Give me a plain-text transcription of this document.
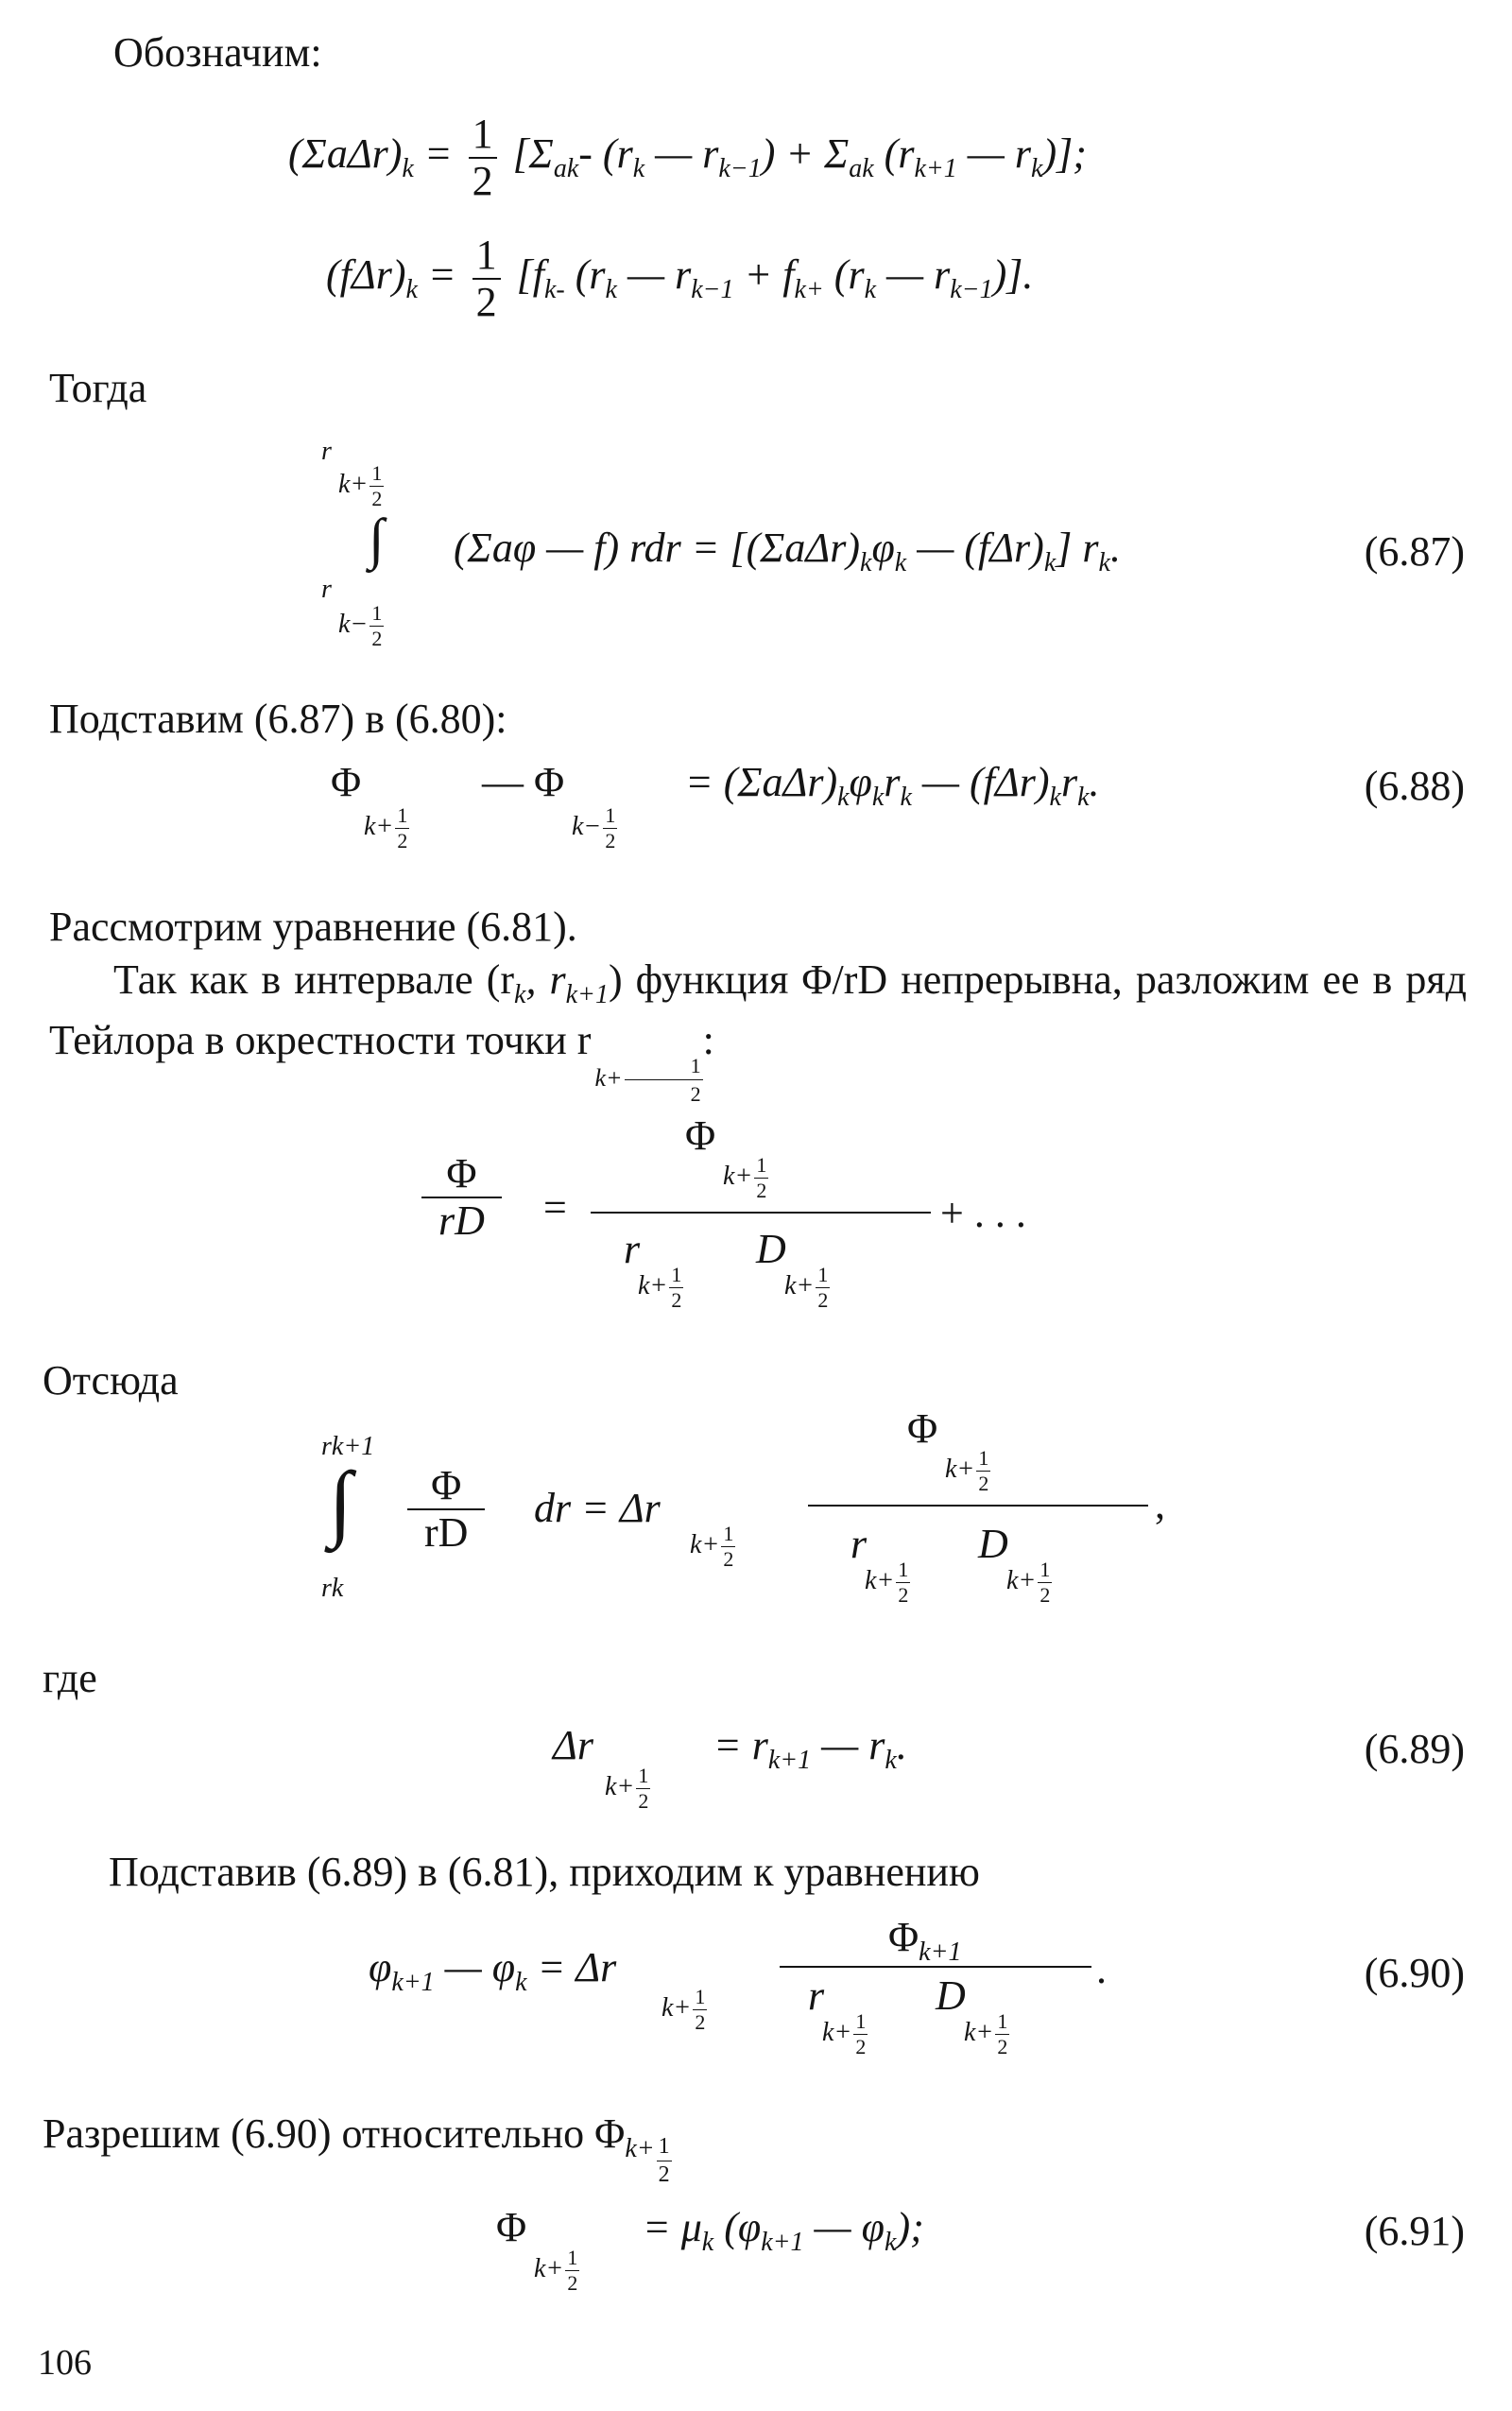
Обозначим:
$(\Sigma a\Delta r)_k = \frac{1}{2} [\Sigma_{ak}-$ ($r_k$ — $r_{k-1}) + \Sigma_{ak}$ ($r_{k+1}$ — $r_k$)];
$(f\Delta r)_k = \frac{1}{2} [f_{k-}$ ($r_k$ — $r_{k-1} + f_{k+}$ ($r_k$ — $r_{k-1}$)].
Тогда
r
$k+ \frac{1}{2}$
∫
r
$k- \frac{1}{2}$
(Σaφ — f) rdr = [$(\Sigma a\Delta r)_k\varphi_k$ — $(f\Delta r)_k$] $r_k$.	(6.87)
Подставим (6.87) в (6.80):
Φ
$k+ \frac{1}{2}$
— Φ
$k- \frac{1}{2}$
= $(\Sigma a\Delta r)_k\varphi_kr_k$ — $(f\Delta r)_kr_k$.	(6.88)
Рассмотрим уравнение (6.81).
Так как в интервале ($r_k$, $r_{k+1}$) функция Φ/rD непрерывна, разложим ее в ряд Тейлора в окрестности точки $r_{k+ \frac{1}{2}}$
:
$\frac{\Phi}{rD}$ =
Φ
$k+ \frac{1}{2}$
r	D
$k+ \frac{1}{2}$	$k+ \frac{1}{2}$
+ . . .
Отсюда
rk+1
∫
rk
$\frac{\Phi}{rD}$ dr = Δr
$k+ \frac{1}{2}$
Φ
$k+ \frac{1}{2}$
r	D
$k+ \frac{1}{2}$	$k+ \frac{1}{2}$
,
где
Δr
$k+ \frac{1}{2}$
= $r_{k+1}$ — $r_k$.	(6.89)
Подставив (6.89) в (6.81), приходим к уравнению
$\varphi_{k+1}$ — $\varphi_k = \Delta r$
$k+ \frac{1}{2}$
$\Phi_{k+1}$
r	D
$k+ \frac{1}{2}$	$k+ \frac{1}{2}$
.	(6.90)
Разрешим (6.90) относительно $\Phi_{k+} \frac{1}{2}$
Φ
$k+ \frac{1}{2}$
= $\mu_k$ ($\varphi_{k+1}$ — $\varphi_k$);	(6.91)
106
